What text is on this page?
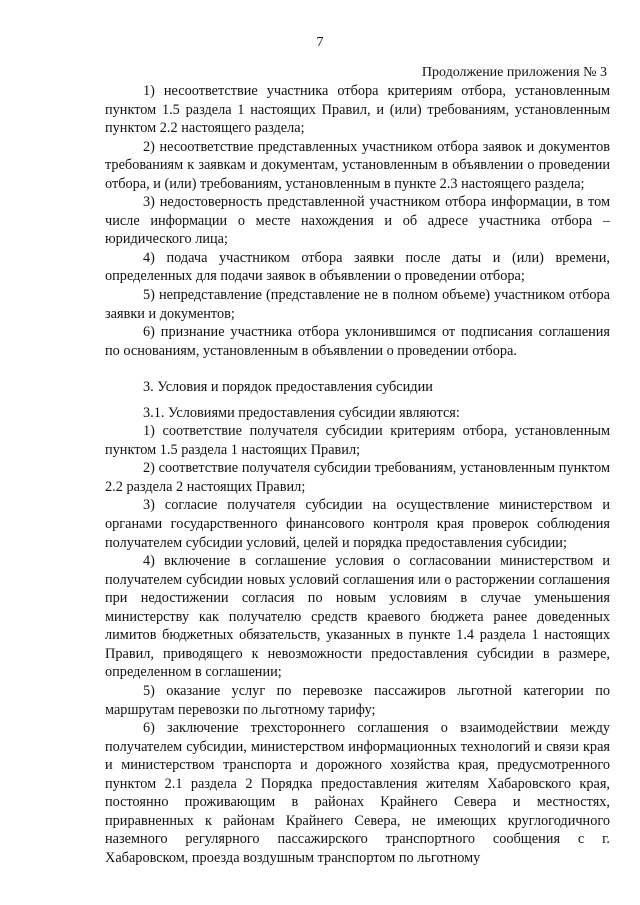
7
Продолжение приложения № 3

1) несоответствие участника отбора критериям отбора, установленным пунктом 1.5 раздела 1 настоящих Правил, и (или) требованиям, установленным пунктом 2.2 настоящего раздела;

2) несоответствие представленных участником отбора заявок и документов требованиям к заявкам и документам, установленным в объявлении о проведении отбора, и (или) требованиям, установленным в пункте 2.3 настоящего раздела;

3) недостоверность представленной участником отбора информации, в том числе информации о месте нахождения и об адресе участника отбора – юридического лица;

4) подача участником отбора заявки после даты и (или) времени, определенных для подачи заявок в объявлении о проведении отбора;

5) непредставление (представление не в полном объеме) участником отбора заявки и документов;

6) признание участника отбора уклонившимся от подписания соглашения по основаниям, установленным в объявлении о проведении отбора.

3. Условия и порядок предоставления субсидии

3.1. Условиями предоставления субсидии являются:

1) соответствие получателя субсидии критериям отбора, установленным пунктом 1.5 раздела 1 настоящих Правил;

2) соответствие получателя субсидии требованиям, установленным пунктом 2.2 раздела 2 настоящих Правил;

3) согласие получателя субсидии на осуществление министерством и органами государственного финансового контроля края проверок соблюдения получателем субсидии условий, целей и порядка предоставления субсидии;

4) включение в соглашение условия о согласовании министерством и получателем субсидии новых условий соглашения или о расторжении соглашения при недостижении согласия по новым условиям в случае уменьшения министерству как получателю средств краевого бюджета ранее доведенных лимитов бюджетных обязательств, указанных в пункте 1.4 раздела 1 настоящих Правил, приводящего к невозможности предоставления субсидии в размере, определенном в соглашении;

5) оказание услуг по перевозке пассажиров льготной категории по маршрутам перевозки по льготному тарифу;

6) заключение трехстороннего соглашения о взаимодействии между получателем субсидии, министерством информационных технологий и связи края и министерством транспорта и дорожного хозяйства края, предусмотренного пунктом 2.1 раздела 2 Порядка предоставления жителям Хабаровского края, постоянно проживающим в районах Крайнего Севера и местностях, приравненных к районам Крайнего Севера, не имеющих круглогодичного наземного регулярного пассажирского транспортного сообщения с г. Хабаровском, проезда воздушным транспортом по льготному
